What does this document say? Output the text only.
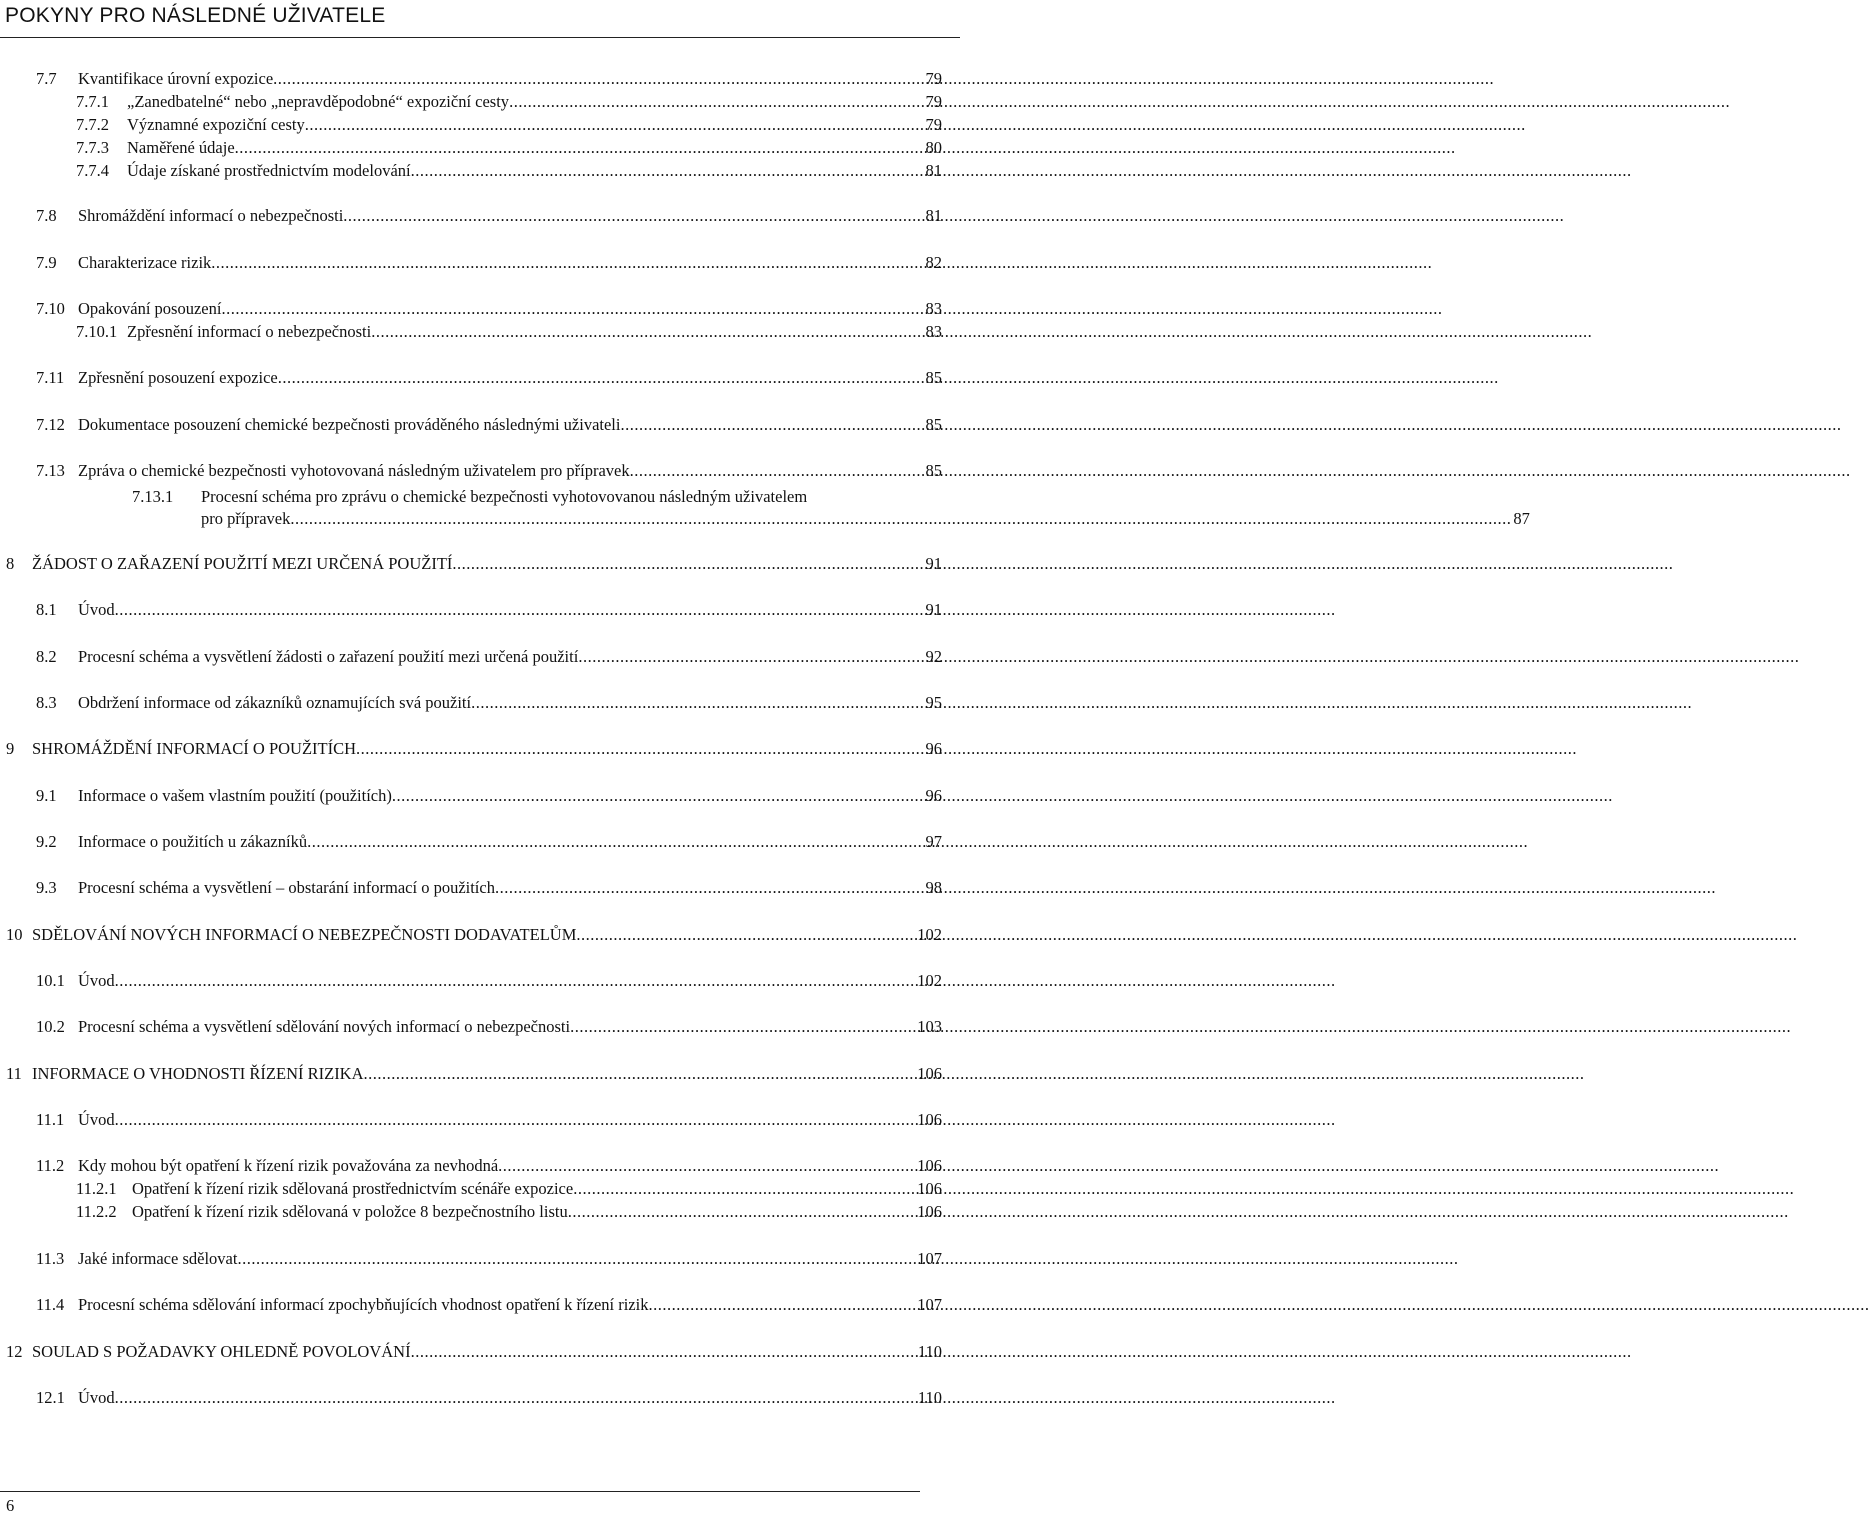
POKYNY PRO NÁSLEDNÉ UŽIVATELE
7.7	Kvantifikace úrovní expozice .....	79
7.7.1	„Zanedbatelné“ nebo „nepravděpodobné“ expoziční cesty .....	79
7.7.2	Významné expoziční cesty .....	79
7.7.3	Naměřené údaje .....	80
7.7.4	Údaje získané prostřednictvím modelování .....	81
7.8	Shromáždění informací o nebezpečnosti .....	81
7.9	Charakterizace rizik .....	82
7.10 Opakování posouzení .....	83
7.10.1 Zpřesnění informací o nebezpečnosti .....	83
7.11 Zpřesnění posouzení expozice .....	85
7.12 Dokumentace posouzení chemické bezpečnosti prováděného následnými uživateli .....	85
7.13 Zpráva o chemické bezpečnosti vyhotovovaná následným uživatelem pro přípravek .....	85
7.13.1 Procesní schéma pro zprávu o chemické bezpečnosti vyhotovovanou následným uživatelem
pro přípravek .....	87
8	ŽÁDOST O ZAŘAZENÍ POUŽITÍ MEZI URČENÁ POUŽITÍ .....	91
8.1	Úvod .....	91
8.2	Procesní schéma a vysvětlení žádosti o zařazení použití mezi určená použití .....	92
8.3	Obdržení informace od zákazníků oznamujících svá použití .....	95
9	SHROMÁŽDĚNÍ INFORMACÍ O POUŽITÍCH .....	96
9.1	Informace o vašem vlastním použití (použitích) .....	96
9.2	Informace o použitích u zákazníků .....	97
9.3	Procesní schéma a vysvětlení – obstarání informací o použitích .....	98
10 SDĚLOVÁNÍ NOVÝCH INFORMACÍ O NEBEZPEČNOSTI DODAVATELŮM .....	102
10.1 Úvod .....	102
10.2 Procesní schéma a vysvětlení sdělování nových informací o nebezpečnosti .....	103
11 INFORMACE O VHODNOSTI ŘÍZENÍ RIZIKA .....	106
11.1 Úvod .....	106
11.2 Kdy mohou být opatření k řízení rizik považována za nevhodná .....	106
11.2.1 Opatření k řízení rizik sdělovaná prostřednictvím scénáře expozice .....	106
11.2.2 Opatření k řízení rizik sdělovaná v položce 8 bezpečnostního listu .....	106
11.3 Jaké informace sdělovat .....	107
11.4 Procesní schéma sdělování informací zpochybňujících vhodnost opatření k řízení rizik .....	107
12 SOULAD S POŽADAVKY OHLEDNĚ POVOLOVÁNÍ .....	110
12.1 Úvod .....	110
6
